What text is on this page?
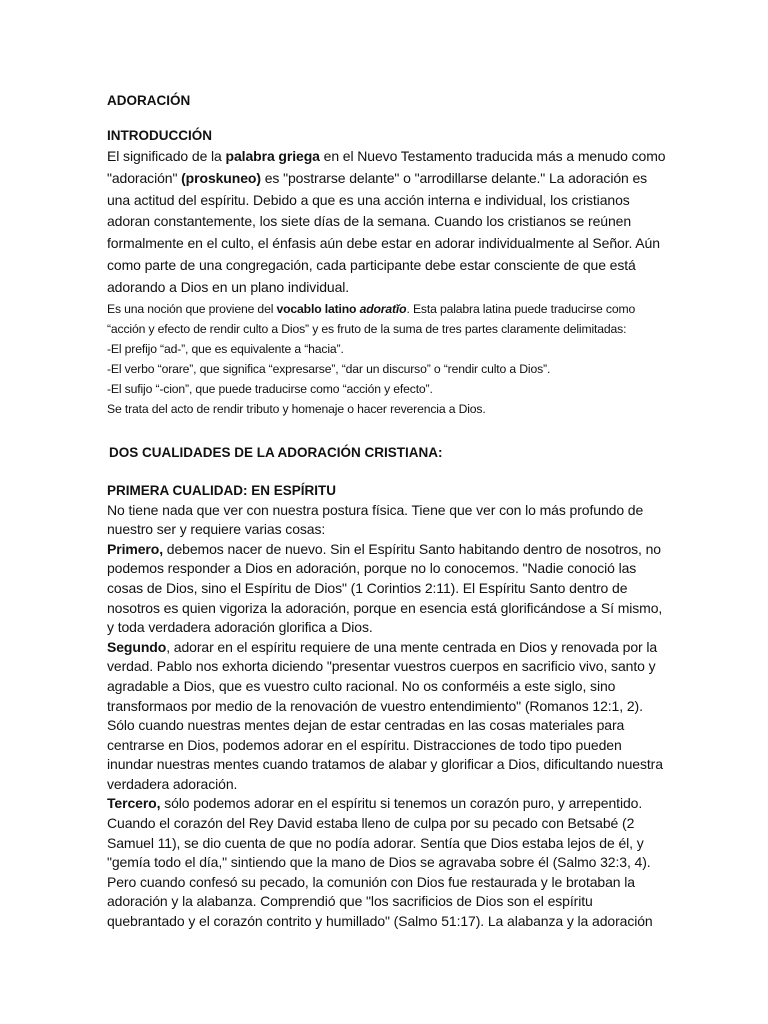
ADORACIÓN

INTRODUCCIÓN

El significado de la palabra griega en el Nuevo Testamento traducida más a menudo como "adoración" (proskuneo) es "postrarse delante" o "arrodillarse delante." La adoración es una actitud del espíritu. Debido a que es una acción interna e individual, los cristianos adoran constantemente, los siete días de la semana. Cuando los cristianos se reúnen formalmente en el culto, el énfasis aún debe estar en adorar individualmente al Señor. Aún como parte de una congregación, cada participante debe estar consciente de que está adorando a Dios en un plano individual.

Es una noción que proviene del vocablo latino adoratĭo. Esta palabra latina puede traducirse como “acción y efecto de rendir culto a Dios” y es fruto de la suma de tres partes claramente delimitadas:

-El prefijo “ad-”, que es equivalente a “hacia”.

-El verbo “orare”, que significa “expresarse”, “dar un discurso” o “rendir culto a Dios”.

-El sufijo “-cion”, que puede traducirse como “acción y efecto”.

Se trata del acto de rendir tributo y homenaje o hacer reverencia a Dios.

DOS CUALIDADES DE LA ADORACIÓN CRISTIANA:

PRIMERA CUALIDAD: EN ESPÍRITU

No tiene nada que ver con nuestra postura física. Tiene que ver con lo más profundo de nuestro ser y requiere varias cosas:

Primero, debemos nacer de nuevo. Sin el Espíritu Santo habitando dentro de nosotros, no podemos responder a Dios en adoración, porque no lo conocemos. "Nadie conoció las cosas de Dios, sino el Espíritu de Dios" (1 Corintios 2:11). El Espíritu Santo dentro de nosotros es quien vigoriza la adoración, porque en esencia está glorificándose a Sí mismo, y toda verdadera adoración glorifica a Dios.

Segundo, adorar en el espíritu requiere de una mente centrada en Dios y renovada por la verdad. Pablo nos exhorta diciendo "presentar vuestros cuerpos en sacrificio vivo, santo y agradable a Dios, que es vuestro culto racional. No os conforméis a este siglo, sino transformaos por medio de la renovación de vuestro entendimiento" (Romanos 12:1, 2). Sólo cuando nuestras mentes dejan de estar centradas en las cosas materiales para centrarse en Dios, podemos adorar en el espíritu. Distracciones de todo tipo pueden inundar nuestras mentes cuando tratamos de alabar y glorificar a Dios, dificultando nuestra verdadera adoración.

Tercero, sólo podemos adorar en el espíritu si tenemos un corazón puro, y arrepentido. Cuando el corazón del Rey David estaba lleno de culpa por su pecado con Betsabé (2 Samuel 11), se dio cuenta de que no podía adorar. Sentía que Dios estaba lejos de él, y "gemía todo el día," sintiendo que la mano de Dios se agravaba sobre él (Salmo 32:3, 4). Pero cuando confesó su pecado, la comunión con Dios fue restaurada y le brotaban la adoración y la alabanza. Comprendió que "los sacrificios de Dios son el espíritu quebrantado y el corazón contrito y humillado" (Salmo 51:17). La alabanza y la adoración
